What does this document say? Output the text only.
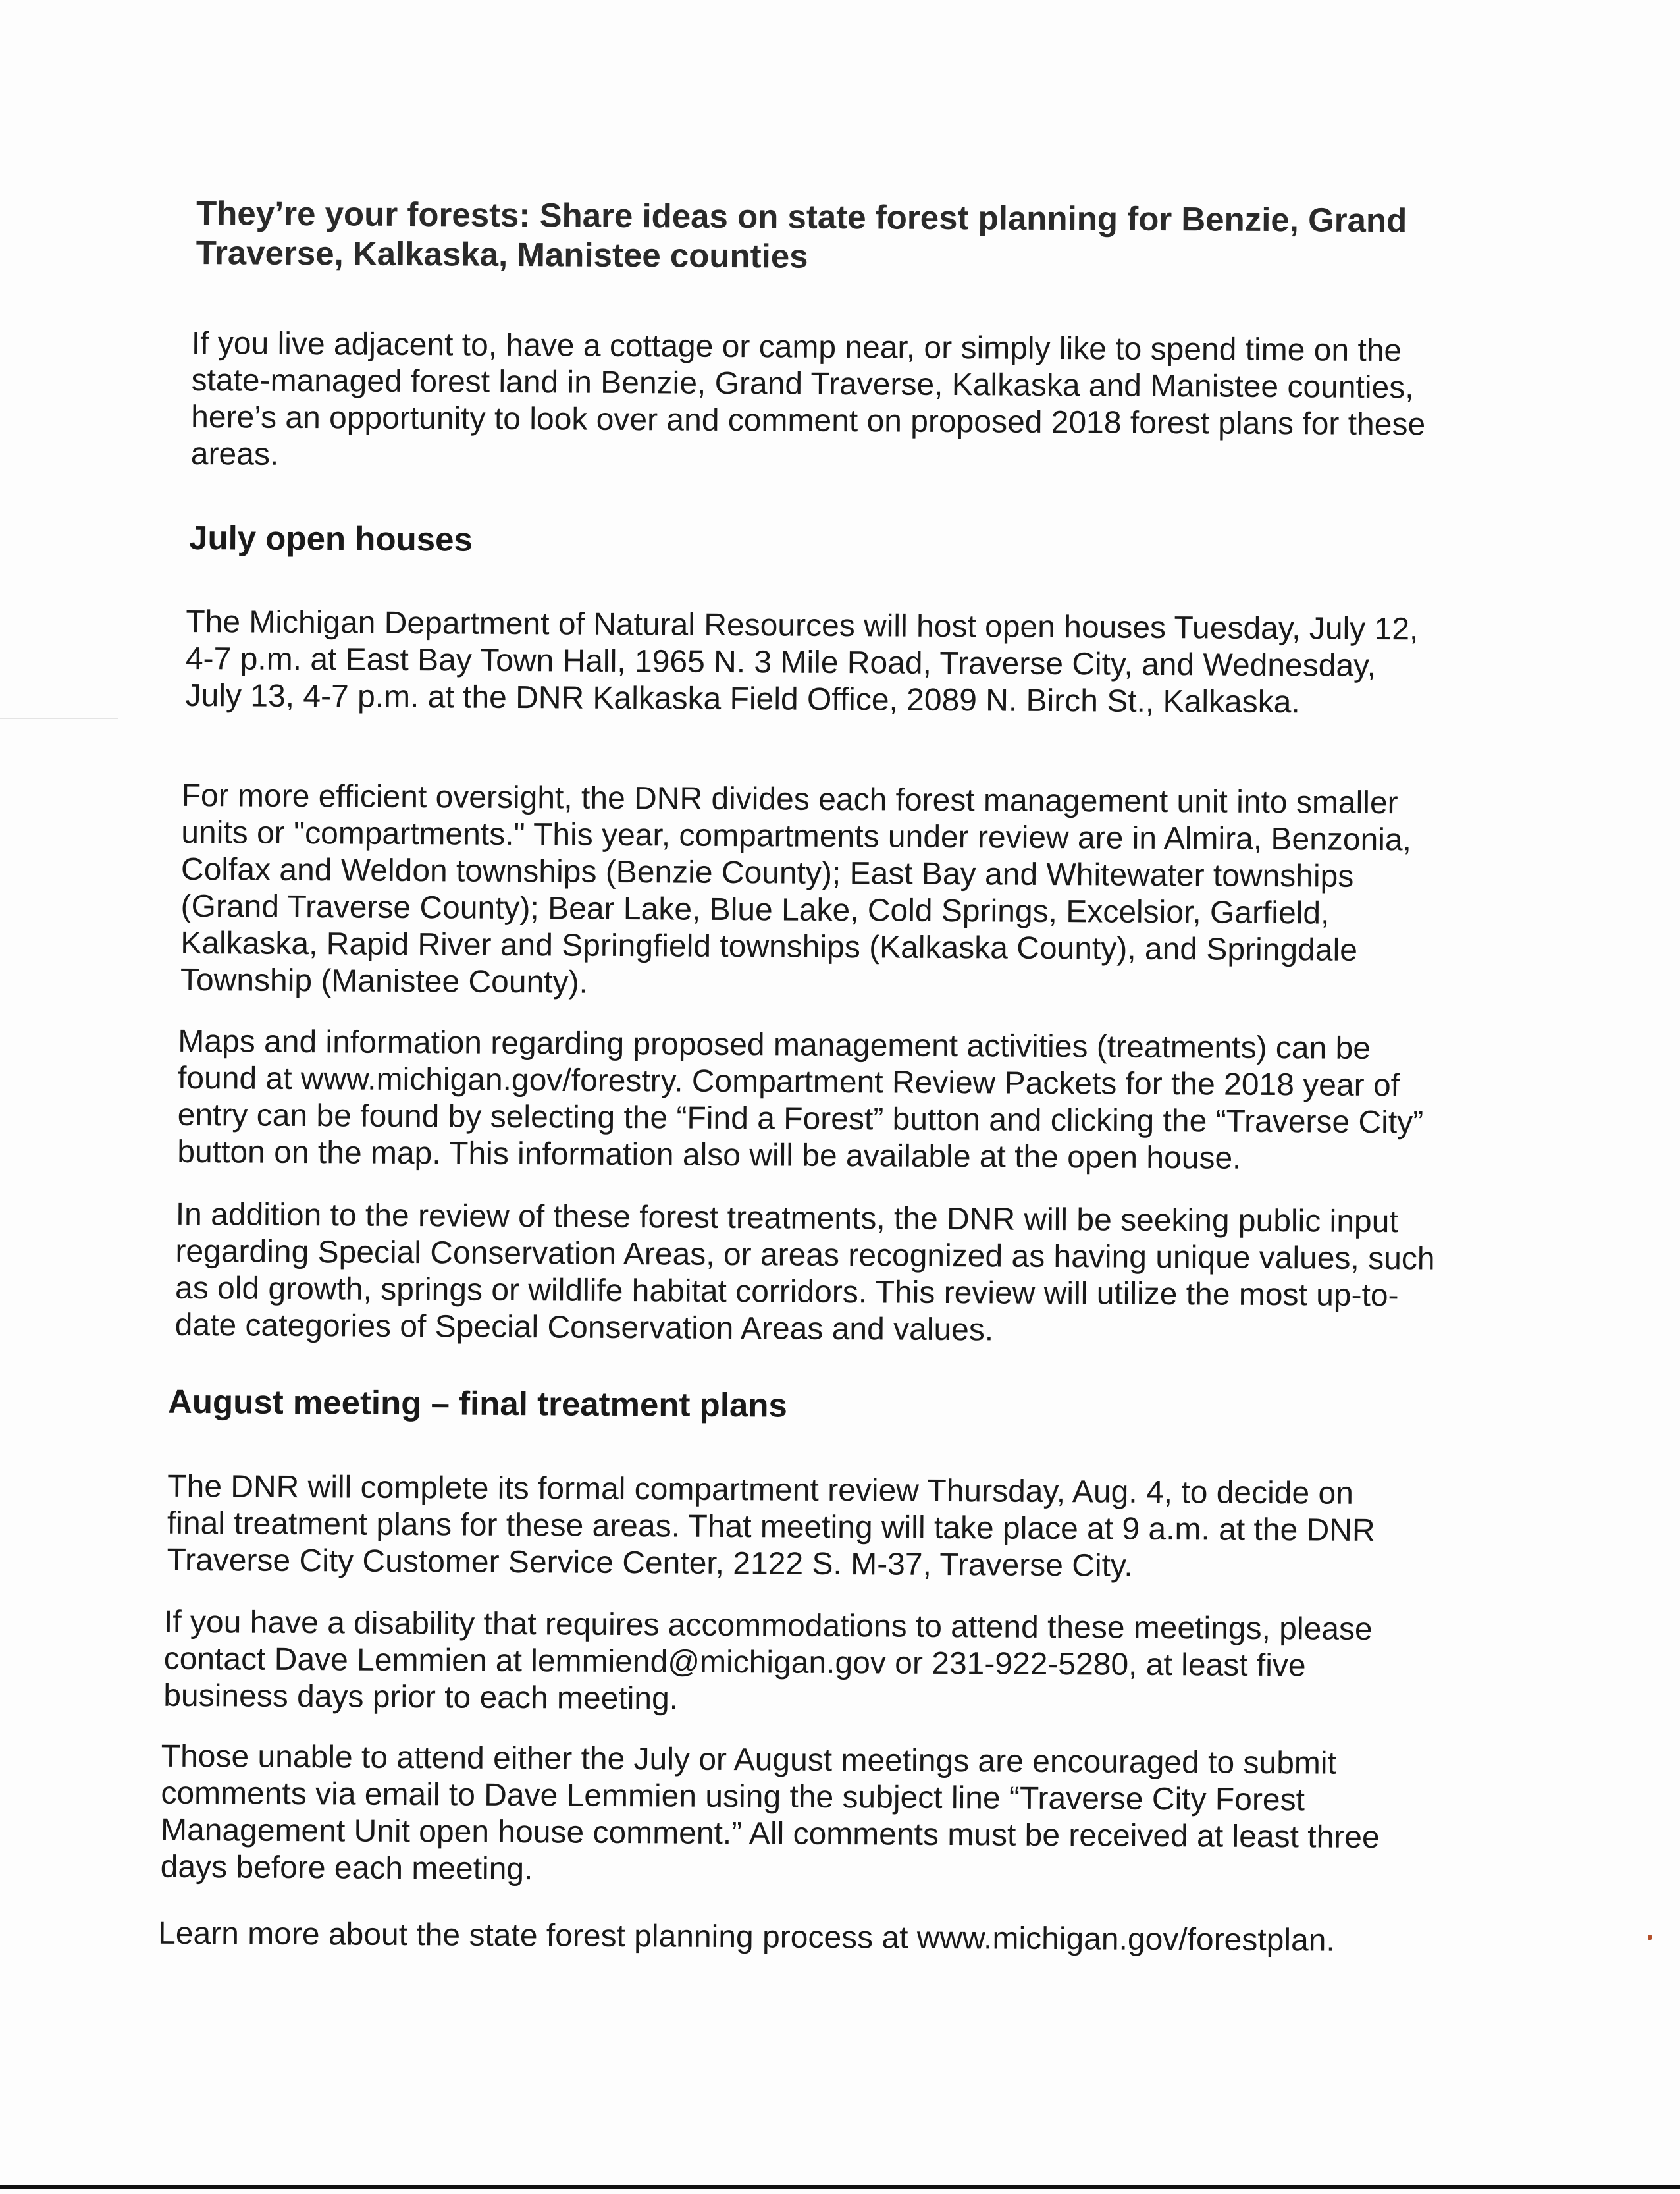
They’re your forests: Share ideas on state forest planning for Benzie, Grand Traverse, Kalkaska, Manistee counties

If you live adjacent to, have a cottage or camp near, or simply like to spend time on the state-managed forest land in Benzie, Grand Traverse, Kalkaska and Manistee counties, here’s an opportunity to look over and comment on proposed 2018 forest plans for these areas.

July open houses

The Michigan Department of Natural Resources will host open houses Tuesday, July 12, 4-7 p.m. at East Bay Town Hall, 1965 N. 3 Mile Road, Traverse City, and Wednesday, July 13, 4-7 p.m. at the DNR Kalkaska Field Office, 2089 N. Birch St., Kalkaska.

For more efficient oversight, the DNR divides each forest management unit into smaller units or "compartments." This year, compartments under review are in Almira, Benzonia, Colfax and Weldon townships (Benzie County); East Bay and Whitewater townships (Grand Traverse County); Bear Lake, Blue Lake, Cold Springs, Excelsior, Garfield, Kalkaska, Rapid River and Springfield townships (Kalkaska County), and Springdale Township (Manistee County).

Maps and information regarding proposed management activities (treatments) can be found at www.michigan.gov/forestry. Compartment Review Packets for the 2018 year of entry can be found by selecting the “Find a Forest” button and clicking the “Traverse City” button on the map. This information also will be available at the open house.

In addition to the review of these forest treatments, the DNR will be seeking public input regarding Special Conservation Areas, or areas recognized as having unique values, such as old growth, springs or wildlife habitat corridors. This review will utilize the most up-to-date categories of Special Conservation Areas and values.

August meeting – final treatment plans

The DNR will complete its formal compartment review Thursday, Aug. 4, to decide on final treatment plans for these areas. That meeting will take place at 9 a.m. at the DNR Traverse City Customer Service Center, 2122 S. M-37, Traverse City.

If you have a disability that requires accommodations to attend these meetings, please contact Dave Lemmien at lemmiend@michigan.gov or 231-922-5280, at least five business days prior to each meeting.

Those unable to attend either the July or August meetings are encouraged to submit comments via email to Dave Lemmien using the subject line “Traverse City Forest Management Unit open house comment.” All comments must be received at least three days before each meeting.

Learn more about the state forest planning process at www.michigan.gov/forestplan.
